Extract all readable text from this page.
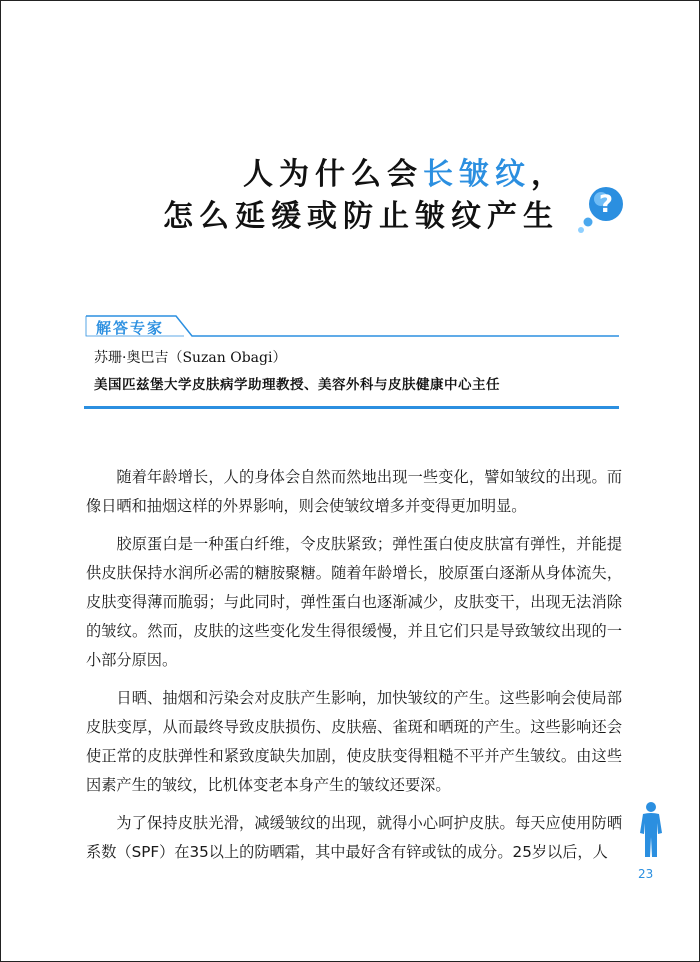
人为什么会长皱纹，
怎么延缓或防止皱纹产生 ?
解答专家
苏珊·奥巴吉（Suzan Obagi）
美国匹兹堡大学皮肤病学助理教授、美容外科与皮肤健康中心主任

随着年龄增长，人的身体会自然而然地出现一些变化，譬如皱纹的出现。而像日晒和抽烟这样的外界影响，则会使皱纹增多并变得更加明显。

胶原蛋白是一种蛋白纤维，令皮肤紧致；弹性蛋白使皮肤富有弹性，并能提供皮肤保持水润所必需的糖胺聚糖。随着年龄增长，胶原蛋白逐渐从身体流失，皮肤变得薄而脆弱；与此同时，弹性蛋白也逐渐减少，皮肤变干，出现无法消除的皱纹。然而，皮肤的这些变化发生得很缓慢，并且它们只是导致皱纹出现的一小部分原因。

日晒、抽烟和污染会对皮肤产生影响，加快皱纹的产生。这些影响会使局部皮肤变厚，从而最终导致皮肤损伤、皮肤癌、雀斑和晒斑的产生。这些影响还会使正常的皮肤弹性和紧致度缺失加剧，使皮肤变得粗糙不平并产生皱纹。由这些因素产生的皱纹，比机体变老本身产生的皱纹还要深。

为了保持皮肤光滑，减缓皱纹的出现，就得小心呵护皮肤。每天应使用防晒系数（SPF）在35以上的防晒霜，其中最好含有锌或钛的成分。25岁以后，人

23
